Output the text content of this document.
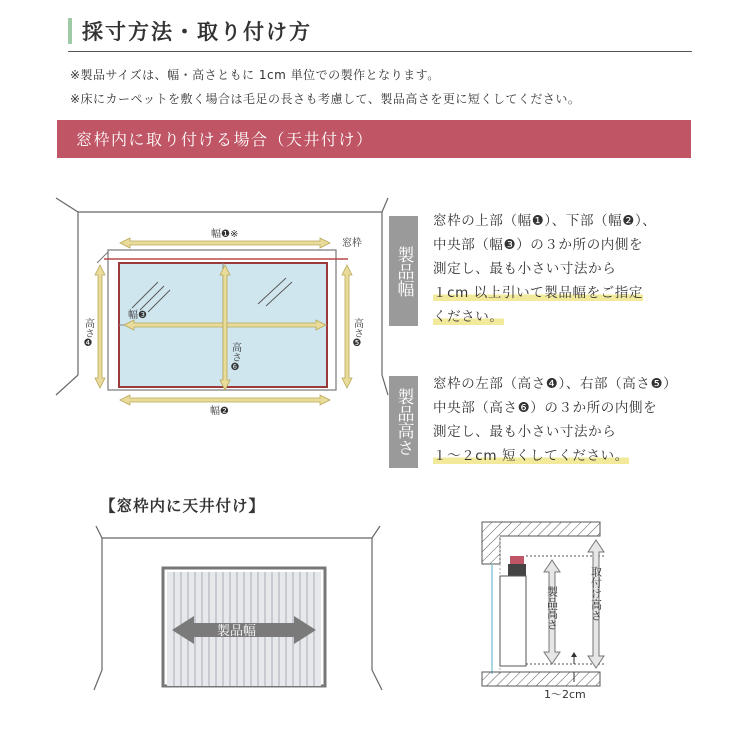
採寸方法・取り付け方
※製品サイズは、幅・高さともに 1cm 単位での製作となります。
※床にカーペットを敷く場合は毛足の長さも考慮して、製品高さを更に短くしてください。
窓枠内に取り付ける場合（天井付け）
幅❶※
窓枠
幅❸
幅❷
高さ❹	高さ❺
高さ❻
製品幅
窓枠の上部（幅❶）、下部（幅❷）、
中央部（幅❸）の３か所の内側を
測定し、最も小さい寸法から
１cm 以上引いて製品幅をご指定
ください。
製品高さ
窓枠の左部（高さ❹）、右部（高さ❺）
中央部（高さ❻）の３か所の内側を
測定し、最も小さい寸法から
１～２cm 短くしてください。
【窓枠内に天井付け】
製品幅
製品高さ	取付け高さ
1～2cm
